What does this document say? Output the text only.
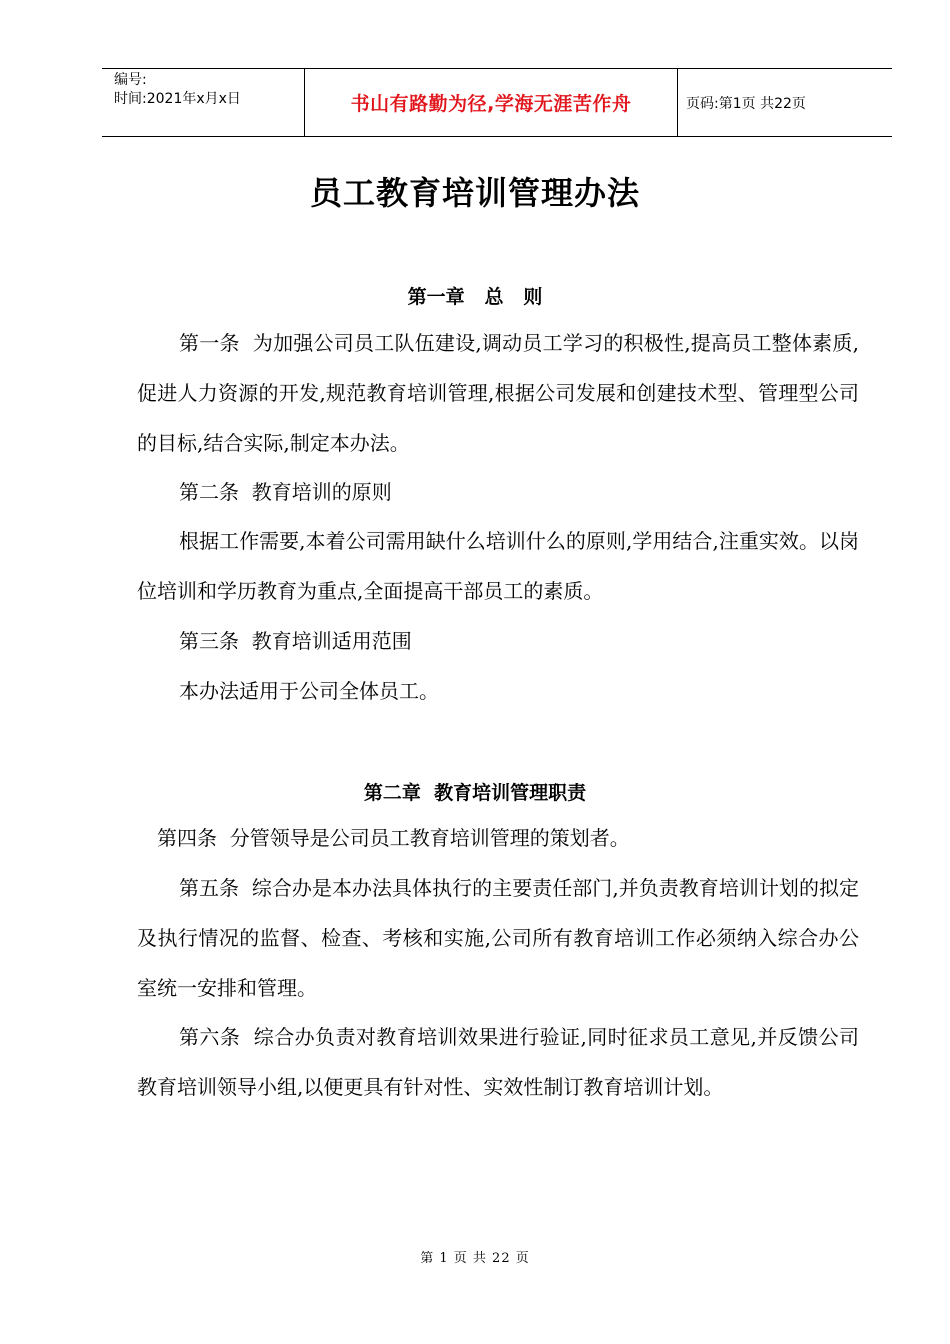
编号:
时间:2021年x月x日	书山有路勤为径,学海无涯苦作舟	页码:第1页 共22页
员工教育培训管理办法
第一章   总   则

第一条  为加强公司员工队伍建设,调动员工学习的积极性,提高员工整体素质,促进人力资源的开发,规范教育培训管理,根据公司发展和创建技术型、管理型公司的目标,结合实际,制定本办法。

第二条  教育培训的原则

根据工作需要,本着公司需用缺什么培训什么的原则,学用结合,注重实效。以岗位培训和学历教育为重点,全面提高干部员工的素质。

第三条  教育培训适用范围

本办法适用于公司全体员工。

第二章  教育培训管理职责

第四条  分管领导是公司员工教育培训管理的策划者。

第五条  综合办是本办法具体执行的主要责任部门,并负责教育培训计划的拟定及执行情况的监督、检查、考核和实施,公司所有教育培训工作必须纳入综合办公室统一安排和管理。

第六条  综合办负责对教育培训效果进行验证,同时征求员工意见,并反馈公司教育培训领导小组,以便更具有针对性、实效性制订教育培训计划。

第 1 页 共 22 页
